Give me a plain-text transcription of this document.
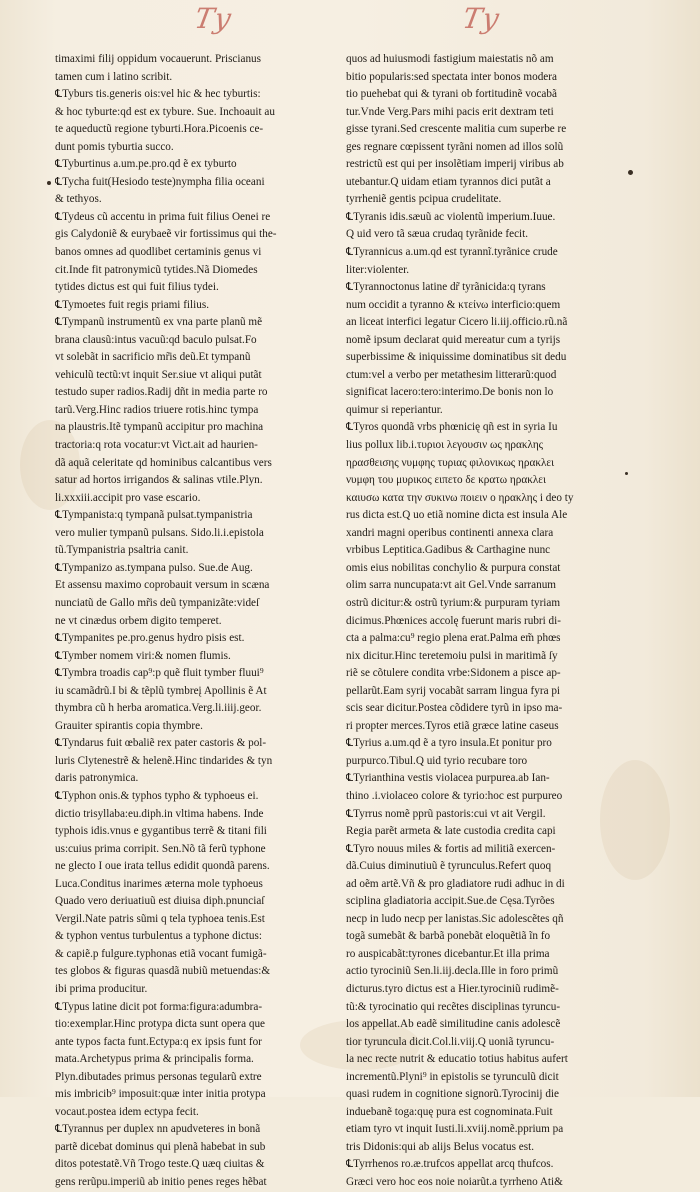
Ty	Ty
timaximi filij oppidum vocauerunt. Priscianus
tamen cum i latino scribit.
℄Tyburs tis.generis ois:vel hic & hec tyburtis:
& hoc tyburte:qd est ex tybure. Sue. Inchoauit au
te aqueductũ regione tyburti.Hora.Picoenis ce-
dunt pomis tyburtia succo.
℄Tyburtinus a.um.pe.pro.qd ẽ ex tyburto
℄Tycha fuit(Hesiodo teste)nympha filia oceani
& tethyos.
℄Tydeus cũ accentu in prima fuit filius Oenei re
gis Calydoniẽ & eurybaeẽ vir fortissimus qui the-
banos omnes ad quodlibet certaminis genus vi
cit.Inde fit patronymicũ tytides.Nã Diomedes
tytides dictus est qui fuit filius tydei.
℄Tymoetes fuit regis priami filius.
℄Tympanũ instrumentũ ex vna parte planũ mẽ
brana clausũ:intus vacuũ:qd baculo pulsat.Fo
vt solebãt in sacrificio mr̃is deũ.Et tympanũ
vehiculũ tectũ:vt inquit Ser.siue vt aliqui putãt
testudo super radios.Radij dñt in media parte ro
tarũ.Verg.Hinc radios triuere rotis.hinc tympa
na plaustris.Itẽ tympanũ accipitur pro machina
tractoria:q rota vocatur:vt Vict.ait ad haurien-
dã aquã celeritate qd hominibus calcantibus vers
satur ad hortos irrigandos & salinas vtile.Plyn.
li.xxxiii.accipit pro vase escario.
℄Tympanista:q tympanã pulsat.tympanistria
vero mulier tympanũ pulsans. Sido.li.i.epistola
tũ.Tympanistria psaltria canit.
℄Tympanizo as.tympana pulso. Sue.de Aug.
Et assensu maximo coprobauit versum in scæna
nunciatũ de Gallo mr̃is deũ tympanizãte:videſ
ne vt cinædus orbem digito temperet.
℄Tympanites pe.pro.genus hydro pisis est.
℄Tymber nomem viri:& nomen flumis.
℄Tymbra troadis cap⁹:p quẽ fluit tymber fluui⁹
iu scamãdrũ.I bi & tẽplũ tymbreį Apollinis ẽ At
thymbra cũ h herba aromatica.Verg.li.iiij.geor.
Grauiter spirantis copia thymbre.
℄Tyndarus fuit œbaliẽ rex pater castoris & pol-
luris Clytenestrẽ & helenẽ.Hinc tindarides & tyn
daris patronymica.
℄Typhon onis.& typhos typho & typhoeus ei.
dictio trisyllaba:eu.diph.in vltima habens. Inde
typhois idis.vnus e gygantibus terrẽ & titani fili
us:cuius prima corripit. Sen.Nõ tã ferũ typhone
ne glecto I oue irata tellus edidit quondã parens.
Luca.Conditus inarimes æterna mole typhoeus
Quado vero deriuatiuũ est diuisa diph.pnunciaſ
Vergil.Nate patris sũmi q tela typhoea tenis.Est
& typhon ventus turbulentus a typhone dictus:
& capiẽ.p fulgure.typhonas etiã vocant fumigã-
tes globos & figuras quasdã nubiũ metuendas:&
ibi prima producitur.
℄Typus latine dicit pot forma:figura:adumbra-
tio:exemplar.Hinc protypa dicta sunt opera que
ante typos facta funt.Ectypa:q ex ipsis funt for
mata.Archetypus prima & principalis forma.
Plyn.dibutades primus personas tegularũ extre
mis imbricib⁹ imposuit:quæ inter initia protypa
vocaut.postea idem ectypa fecit.
℄Tyrannus per duplex nn apudveteres in bonã
partẽ dicebat dominus qui plenã habebat in sub
ditos potestatẽ.Vñ Trogo teste.Q uæq ciuitas &
gens rerũpu.imperiũ ab initio penes reges hẽbat
quos ad huiusmodi fastigium maiestatis nõ am
bitio popularis:sed spectata inter bonos modera
tio puehebat qui & tyrani ob fortitudinẽ vocabã
tur.Vnde Verg.Pars mihi pacis erit dextram teti
gisse tyrani.Sed crescente malitia cum superbe re
ges regnare cœpissent tyrãni nomen ad illos solũ
restrictũ est qui per insolẽtiam imperij viribus ab
utebantur.Q uidam etiam tyrannos dici putãt a
tyrrheniẽ gentis pcipua crudelitate.
℄Tyranis idis.sæuũ ac violentũ imperium.Iuue.
Q uid vero tã sæua crudaq tyrãnide fecit.
℄Tyrannicus a.um.qd est tyrannĩ.tyrãnice crude
liter:violenter.
℄Tyrannoctonus latine dr̃ tyrãnicida:q tyrans
num occidit a tyranno & κτείνω interficio:quem
an liceat interfici legatur Cicero li.iij.officio.rũ.nã
nomẽ ipsum declarat quid mereatur cum a tyrijs
superbissime & iniquissime dominatibus sit dedu
ctum:vel a verbo per metathesim litterarũ:quod
significat lacero:tero:interimo.De bonis non lo
quimur si reperiantur.
℄Tyros quondã vrbs phœnicię qñ est in syria Iu
lius pollux lib.i.τυριοι λεγουσιν ως ηρακλης
ηρασθεισης νυμφης τυριας φιλονικως ηρακλει
νυμφη του μυρικος ειπετο δε κρατω ηρακλει
καιυσω κατα την συκινω ποιειν ο ηρακλης i deo ty
rus dicta est.Q uo etiã nomine dicta est insula Ale
xandri magni operibus continenti annexa clara
vrbibus Leptitica.Gadibus & Carthagine nunc
omis eius nobilitas conchylio & purpura constat
olim sarra nuncupata:vt ait Gel.Vnde sarranum
ostrũ dicitur:& ostrũ tyrium:& purpuram tyriam
dicimus.Phœnices accolę fuerunt maris rubri di-
cta a palma:cu⁹ regio plena erat.Palma em̃ phœs
nix dicitur.Hinc teretemoiu pulsi in maritimã ſy
riẽ se cõtulere condita vrbe:Sidonem a pisce ap-
pellarũt.Eam syrij vocabãt sarram lingua fyra pi
scis sear dicitur.Postea cõdidere tyrũ in ipso ma-
ri propter merces.Tyros etiã græce latine caseus
℄Tyrius a.um.qd ẽ a tyro insula.Et ponitur pro
purpurco.Tibul.Q uid tyrio recubare toro
℄Tyrianthina vestis violacea purpurea.ab Ian-
thino .i.violaceo colore & tyrio:hoc est purpureo
℄Tyrrus nomẽ pprũ pastoris:cui vt ait Vergil.
Regia parẽt armeta & late custodia credita capi
℄Tyro nouus miles & fortis ad militiã exercen-
dã.Cuius diminutiuũ ẽ tyrunculus.Refert quoq
ad oẽm artẽ.Vñ & pro gladiatore rudi adhuc in di
sciplina gladiatoria accipit.Sue.de Cęsa.Tyrões
necp in ludo necp per lanistas.Sic adolescẽtes qñ
togã sumebãt & barbã ponebãt eloquẽtiã ĩn fo
ro auspicabãt:tyrones dicebantur.Et illa prima
actio tyrociniũ Sen.li.iij.decla.Ille in foro primũ
dicturus.tyro dictus est a Hier.tyrociniũ rudimẽ-
tũ:& tyrocinatio qui recẽtes disciplinas tyruncu-
los appellat.Ab eadẽ similitudine canis adolescẽ
tior tyruncula dicit.Col.li.viij.Q uoniã tyruncu-
la nec recte nutrit & educatio totius habitus aufert
incrementũ.Plyni⁹ in epistolis se tyrunculũ dicit
quasi rudem in cognitione signorũ.Tyrocinij die
induebanẽ toga:quę pura est cognominata.Fuit
etiam tyro vt inquit Iusti.li.xviij.nomẽ.pprium pa
tris Didonis:qui ab alijs Belus vocatus est.
℄Tyrrhenos ro.æ.trufcos appellat arcq thufcos.
Græci vero hoc eos noie noiarũt.a tyrrheno Ati&
